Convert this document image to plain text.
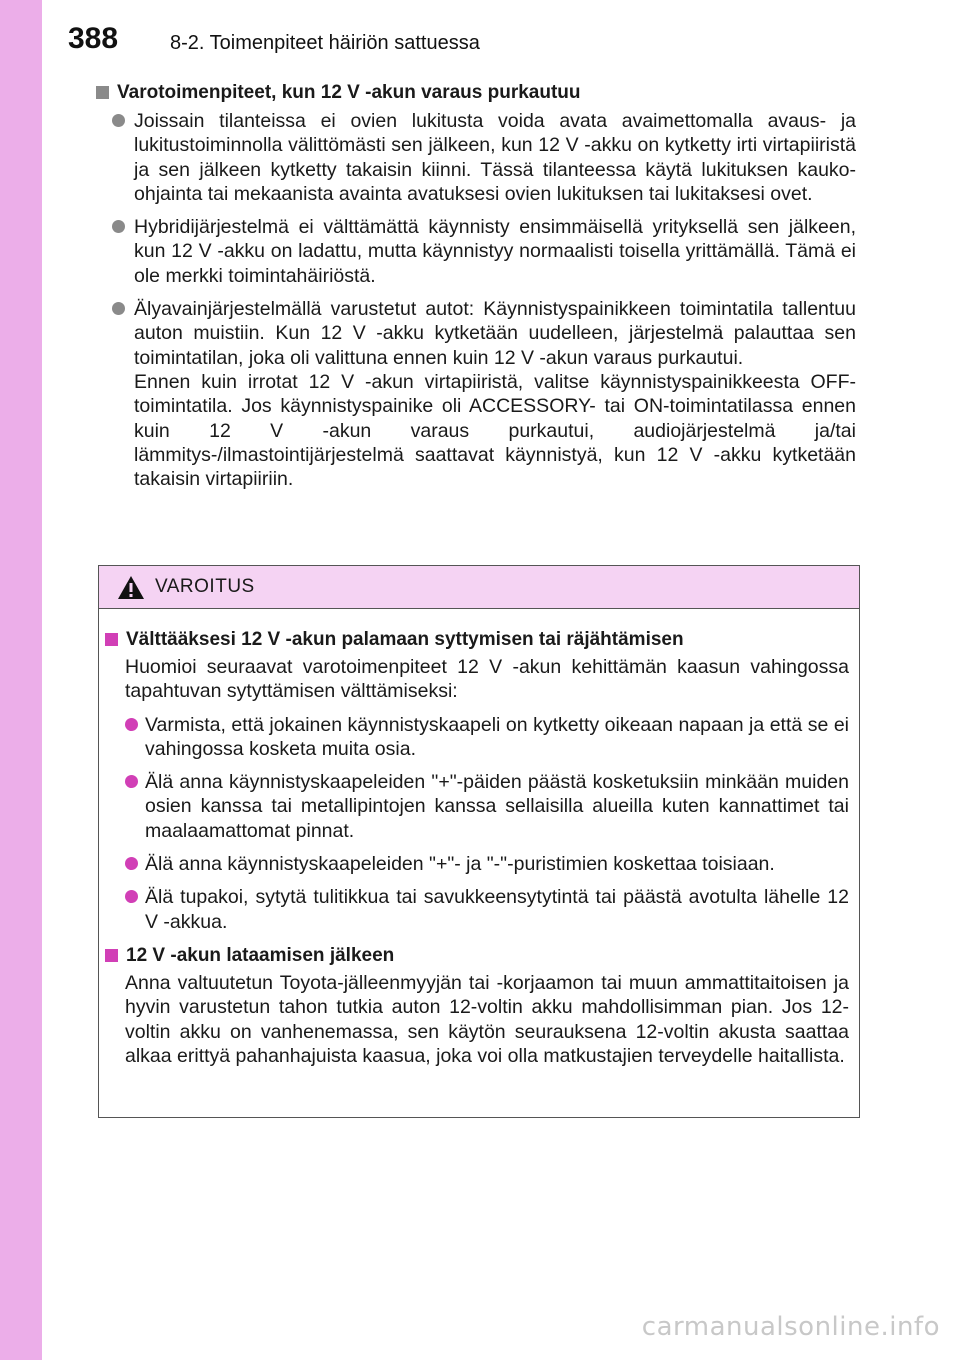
388	8-2. Toimenpiteet häiriön sattuessa
Varotoimenpiteet, kun 12 V -akun varaus purkautuu

Joissain tilanteissa ei ovien lukitusta voida avata avaimettomalla avaus- ja lukitustoiminnolla välittömästi sen jälkeen, kun 12 V -akku on kytketty irti virtapiiristä ja sen jälkeen kytketty takaisin kiinni. Tässä tilanteessa käytä lukituksen kauko-ohjainta tai mekaanista avainta avatuksesi ovien lukituksen tai lukitaksesi ovet.

Hybridijärjestelmä ei välttämättä käynnisty ensimmäisellä yrityksellä sen jälkeen, kun 12 V -akku on ladattu, mutta käynnistyy normaalisti toisella yrittämällä. Tämä ei ole merkki toimintahäiriöstä.

Älyavainjärjestelmällä varustetut autot: Käynnistyspainikkeen toimintatila tallentuu auton muistiin. Kun 12 V -akku kytketään uudelleen, järjestelmä palauttaa sen toimintatilan, joka oli valittuna ennen kuin 12 V -akun varaus purkautui.

Ennen kuin irrotat 12 V -akun virtapiiristä, valitse käynnistyspainikkeesta OFF-toimintatila. Jos käynnistyspainike oli ACCESSORY- tai ON-toimintatilassa ennen kuin 12 V -akun varaus purkautui, audiojärjestelmä ja/tai lämmitys-/ilmastointijärjestelmä saattavat käynnistyä, kun 12 V -akku kytketään takaisin virtapiiriin.

VAROITUS
Välttääksesi 12 V -akun palamaan syttymisen tai räjähtämisen
Huomioi seuraavat varotoimenpiteet 12 V -akun kehittämän kaasun vahingossa tapahtuvan sytyttämisen välttämiseksi:
Varmista, että jokainen käynnistyskaapeli on kytketty oikeaan napaan ja että se ei vahingossa kosketa muita osia.
Älä anna käynnistyskaapeleiden "+"-päiden päästä kosketuksiin minkään muiden osien kanssa tai metallipintojen kanssa sellaisilla alueilla kuten kannattimet tai maalaamattomat pinnat.
Älä anna käynnistyskaapeleiden "+"- ja "-"-puristimien koskettaa toisiaan.
Älä tupakoi, sytytä tulitikkua tai savukkeensytytintä tai päästä avotulta lähelle 12 V -akkua.
12 V -akun lataamisen jälkeen
Anna valtuutetun Toyota-jälleenmyyjän tai -korjaamon tai muun ammattitaitoisen ja hyvin varustetun tahon tutkia auton 12-voltin akku mahdollisimman pian. Jos 12-voltin akku on vanhenemassa, sen käytön seurauksena 12-voltin akusta saattaa alkaa erittyä pahanhajuista kaasua, joka voi olla matkustajien terveydelle haitallista.
carmanualsonline.info
